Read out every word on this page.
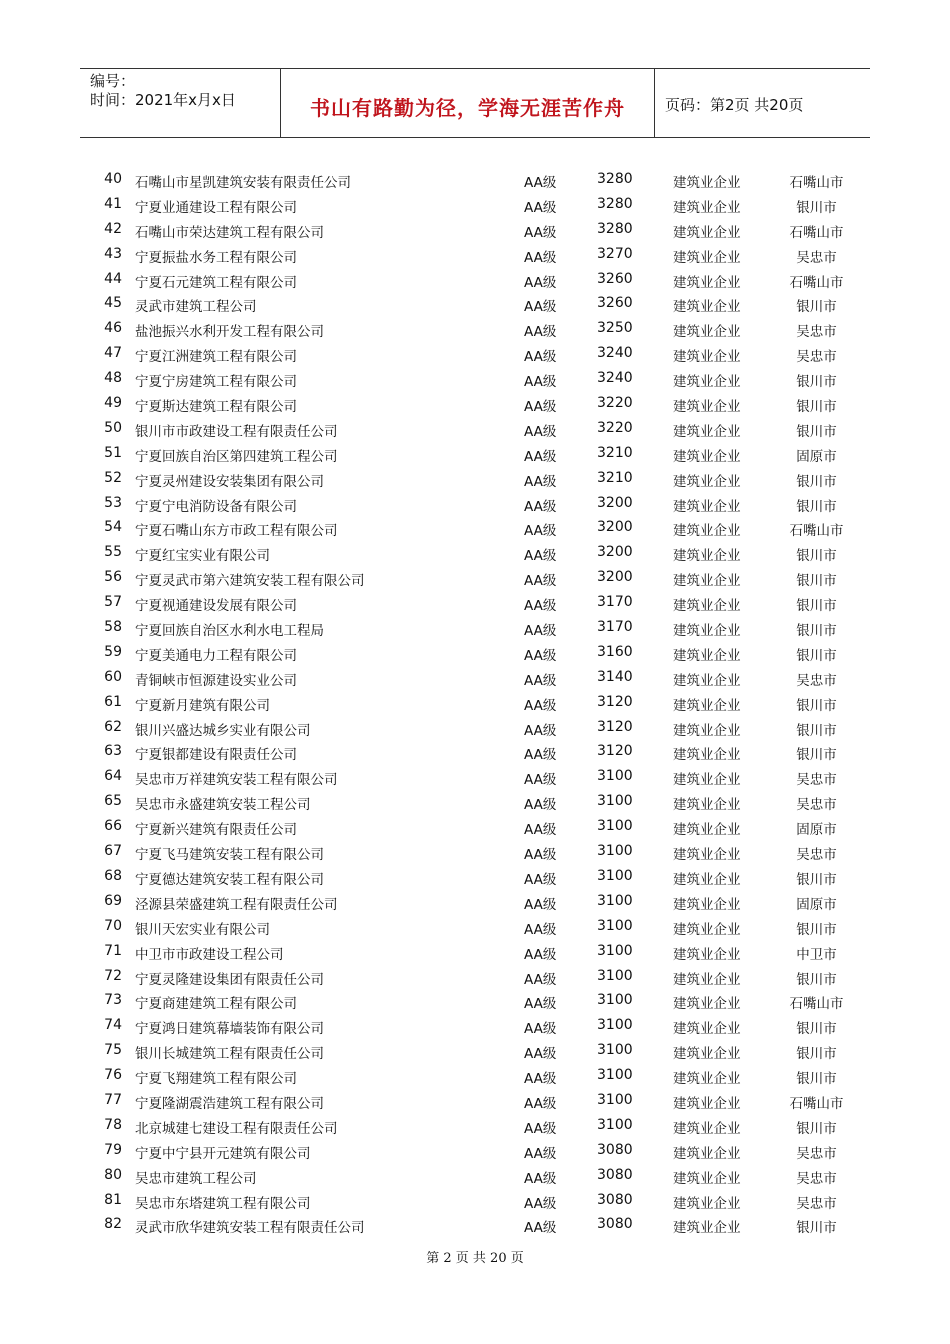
编号：
时间：2021年x月x日	书山有路勤为径，学海无涯苦作舟	页码：第2页 共20页
40 石嘴山市星凯建筑安装有限责任公司	AA级	3280	建筑业企业	石嘴山市
41 宁夏业通建设工程有限公司	AA级	3280	建筑业企业	银川市
42 石嘴山市荣达建筑工程有限公司	AA级	3280	建筑业企业	石嘴山市
43 宁夏振盐水务工程有限公司	AA级	3270	建筑业企业	吴忠市
44 宁夏石元建筑工程有限公司	AA级	3260	建筑业企业	石嘴山市
45 灵武市建筑工程公司	AA级	3260	建筑业企业	银川市
46 盐池振兴水利开发工程有限公司	AA级	3250	建筑业企业	吴忠市
47 宁夏江洲建筑工程有限公司	AA级	3240	建筑业企业	吴忠市
48 宁夏宁房建筑工程有限公司	AA级	3240	建筑业企业	银川市
49 宁夏斯达建筑工程有限公司	AA级	3220	建筑业企业	银川市
50 银川市市政建设工程有限责任公司	AA级	3220	建筑业企业	银川市
51 宁夏回族自治区第四建筑工程公司	AA级	3210	建筑业企业	固原市
52 宁夏灵州建设安装集团有限公司	AA级	3210	建筑业企业	银川市
53 宁夏宁电消防设备有限公司	AA级	3200	建筑业企业	银川市
54 宁夏石嘴山东方市政工程有限公司	AA级	3200	建筑业企业	石嘴山市
55 宁夏红宝实业有限公司	AA级	3200	建筑业企业	银川市
56 宁夏灵武市第六建筑安装工程有限公司	AA级	3200	建筑业企业	银川市
57 宁夏视通建设发展有限公司	AA级	3170	建筑业企业	银川市
58 宁夏回族自治区水利水电工程局	AA级	3170	建筑业企业	银川市
59 宁夏美通电力工程有限公司	AA级	3160	建筑业企业	银川市
60 青铜峡市恒源建设实业公司	AA级	3140	建筑业企业	吴忠市
61 宁夏新月建筑有限公司	AA级	3120	建筑业企业	银川市
62 银川兴盛达城乡实业有限公司	AA级	3120	建筑业企业	银川市
63 宁夏银都建设有限责任公司	AA级	3120	建筑业企业	银川市
64 吴忠市万祥建筑安装工程有限公司	AA级	3100	建筑业企业	吴忠市
65 吴忠市永盛建筑安装工程公司	AA级	3100	建筑业企业	吴忠市
66 宁夏新兴建筑有限责任公司	AA级	3100	建筑业企业	固原市
67 宁夏飞马建筑安装工程有限公司	AA级	3100	建筑业企业	吴忠市
68 宁夏德达建筑安装工程有限公司	AA级	3100	建筑业企业	银川市
69 泾源县荣盛建筑工程有限责任公司	AA级	3100	建筑业企业	固原市
70 银川天宏实业有限公司	AA级	3100	建筑业企业	银川市
71 中卫市市政建设工程公司	AA级	3100	建筑业企业	中卫市
72 宁夏灵隆建设集团有限责任公司	AA级	3100	建筑业企业	银川市
73 宁夏商建建筑工程有限公司	AA级	3100	建筑业企业	石嘴山市
74 宁夏鸿日建筑幕墙装饰有限公司	AA级	3100	建筑业企业	银川市
75 银川长城建筑工程有限责任公司	AA级	3100	建筑业企业	银川市
76 宁夏飞翔建筑工程有限公司	AA级	3100	建筑业企业	银川市
77 宁夏隆湖震浩建筑工程有限公司	AA级	3100	建筑业企业	石嘴山市
78 北京城建七建设工程有限责任公司	AA级	3100	建筑业企业	银川市
79 宁夏中宁县开元建筑有限公司	AA级	3080	建筑业企业	吴忠市
80 吴忠市建筑工程公司	AA级	3080	建筑业企业	吴忠市
81 吴忠市东塔建筑工程有限公司	AA级	3080	建筑业企业	吴忠市
82 灵武市欣华建筑安装工程有限责任公司	AA级	3080	建筑业企业	银川市
第 2 页 共 20 页
